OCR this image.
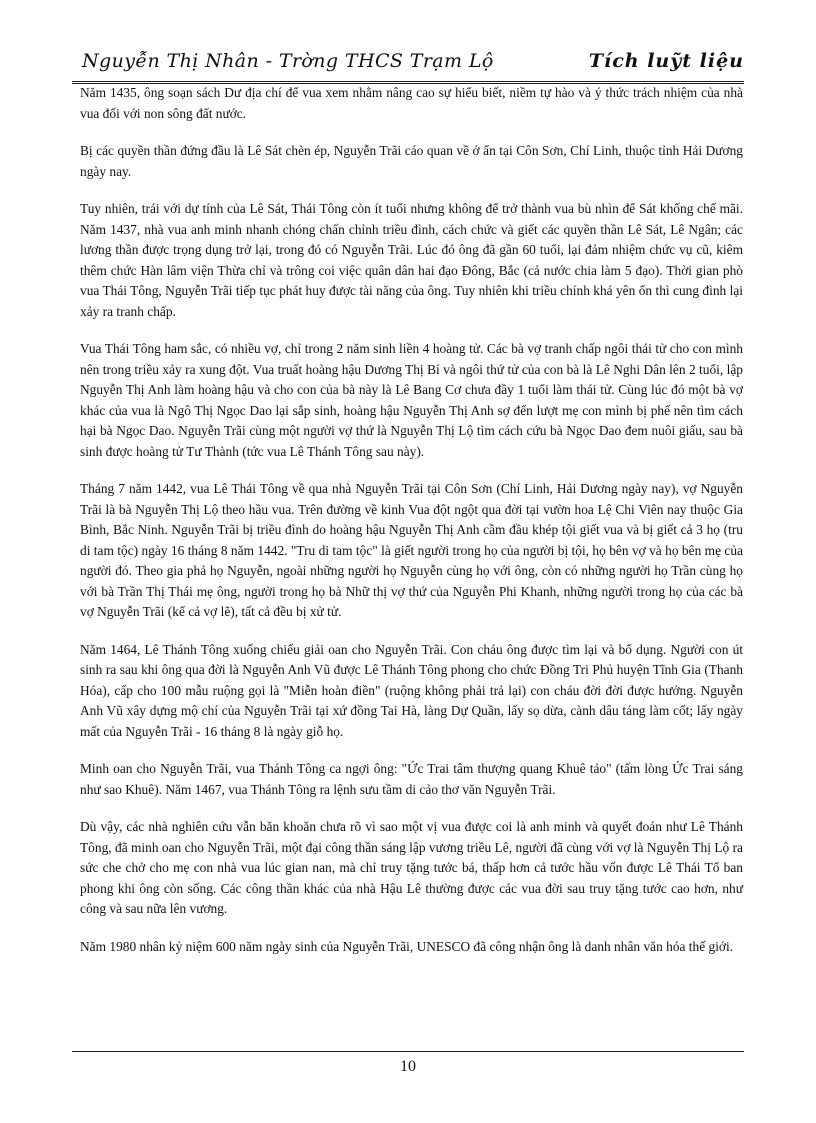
Nguyễn Thị Nhân - Trờng THCS Trạm Lộ	Tích luỹt liệu

Năm 1435, ông soạn sách Dư địa chí để vua xem nhằm nâng cao sự hiểu biết, niềm tự hào và ý thức trách nhiệm của nhà vua đối với non sông đất nước.

Bị các quyền thần đứng đầu là Lê Sát chèn ép, Nguyễn Trãi cáo quan về ở ẩn tại Côn Sơn, Chí Linh, thuộc tỉnh Hải Dương ngày nay.

Tuy nhiên, trái với dự tính của Lê Sát, Thái Tông còn ít tuổi nhưng không để trở thành vua bù nhìn để Sát khống chế mãi. Năm 1437, nhà vua anh minh nhanh chóng chấn chỉnh triều đình, cách chức và giết các quyền thần Lê Sát, Lê Ngân; các lương thần được trọng dụng trở lại, trong đó có Nguyễn Trãi. Lúc đó ông đã gần 60 tuổi, lại đảm nhiệm chức vụ cũ, kiêm thêm chức Hàn lâm viện Thừa chỉ và trông coi việc quân dân hai đạo Đông, Bắc (cả nước chia làm 5 đạo). Thời gian phò vua Thái Tông, Nguyễn Trãi tiếp tục phát huy được tài năng của ông. Tuy nhiên khi triều chính khá yên ổn thì cung đình lại xảy ra tranh chấp.

Vua Thái Tông ham sắc, có nhiều vợ, chỉ trong 2 năm sinh liền 4 hoàng tử. Các bà vợ tranh chấp ngôi thái tử cho con mình nên trong triều xảy ra xung đột. Vua truất hoàng hậu Dương Thị Bí và ngôi thứ tử của con bà là Lê Nghi Dân lên 2 tuổi, lập Nguyễn Thị Anh làm hoàng hậu và cho con của bà này là Lê Bang Cơ chưa đầy 1 tuổi làm thái tử. Cùng lúc đó một bà vợ khác của vua là Ngô Thị Ngọc Dao lại sắp sinh, hoàng hậu Nguyễn Thị Anh sợ đến lượt mẹ con mình bị phế nên tìm cách hại bà Ngọc Dao. Nguyễn Trãi cùng một người vợ thứ là Nguyễn Thị Lộ tìm cách cứu bà Ngọc Dao đem nuôi giấu, sau bà sinh được hoàng tử Tư Thành (tức vua Lê Thánh Tông sau này).

Tháng 7 năm 1442, vua Lê Thái Tông về qua nhà Nguyễn Trãi tại Côn Sơn (Chí Linh, Hải Dương ngày nay), vợ Nguyễn Trãi là bà Nguyễn Thị Lộ theo hầu vua. Trên đường về kinh Vua đột ngột qua đời tại vườn hoa Lệ Chi Viên nay thuộc Gia Bình, Bắc Ninh. Nguyễn Trãi bị triều đình do hoàng hậu Nguyễn Thị Anh cầm đầu khép tội giết vua và bị giết cả 3 họ (tru di tam tộc) ngày 16 tháng 8 năm 1442. "Tru di tam tộc" là giết người trong họ của người bị tội, họ bên vợ và họ bên mẹ của người đó. Theo gia phả họ Nguyễn, ngoài những người họ Nguyễn cùng họ với ông, còn có những người họ Trần cùng họ với bà Trần Thị Thái mẹ ông, người trong họ bà Nhữ thị vợ thứ của Nguyễn Phi Khanh, những người trong họ của các bà vợ Nguyễn Trãi (kể cả vợ lẽ), tất cả đều bị xử tử.

Năm 1464, Lê Thánh Tông xuống chiếu giải oan cho Nguyễn Trãi. Con cháu ông được tìm lại và bổ dụng. Người con út sinh ra sau khi ông qua đời là Nguyễn Anh Vũ được Lê Thánh Tông phong cho chức Đồng Tri Phủ huyện Tĩnh Gia (Thanh Hóa), cấp cho 100 mẫu ruộng gọi là "Miễn hoàn điền" (ruộng không phải trả lại) con cháu đời đời được hưởng. Nguyễn Anh Vũ xây dựng mộ chí của Nguyễn Trãi tại xứ đồng Tai Hà, làng Dự Quần, lấy sọ dừa, cành dâu táng làm cốt; lấy ngày mất của Nguyễn Trãi - 16 tháng 8 là ngày giỗ họ.

Minh oan cho Nguyễn Trãi, vua Thánh Tông ca ngợi ông: "Ức Trai tâm thượng quang Khuê tảo" (tấm lòng Ức Trai sáng như sao Khuê). Năm 1467, vua Thánh Tông ra lệnh sưu tầm di cảo thơ văn Nguyễn Trãi.

Dù vậy, các nhà nghiên cứu vẫn băn khoăn chưa rõ vì sao một vị vua được coi là anh minh và quyết đoán như Lê Thánh Tông, đã minh oan cho Nguyễn Trãi, một đại công thần sáng lập vương triều Lê, người đã cùng với vợ là Nguyễn Thị Lộ ra sức che chở cho mẹ con nhà vua lúc gian nan, mà chỉ truy tặng tước bá, thấp hơn cả tước hầu vốn được Lê Thái Tổ ban phong khi ông còn sống. Các công thần khác của nhà Hậu Lê thường được các vua đời sau truy tặng tước cao hơn, như công và sau nữa lên vương.

Năm 1980 nhân kỷ niệm 600 năm ngày sinh của Nguyễn Trãi, UNESCO đã công nhận ông là danh nhân văn hóa thế giới.

10
